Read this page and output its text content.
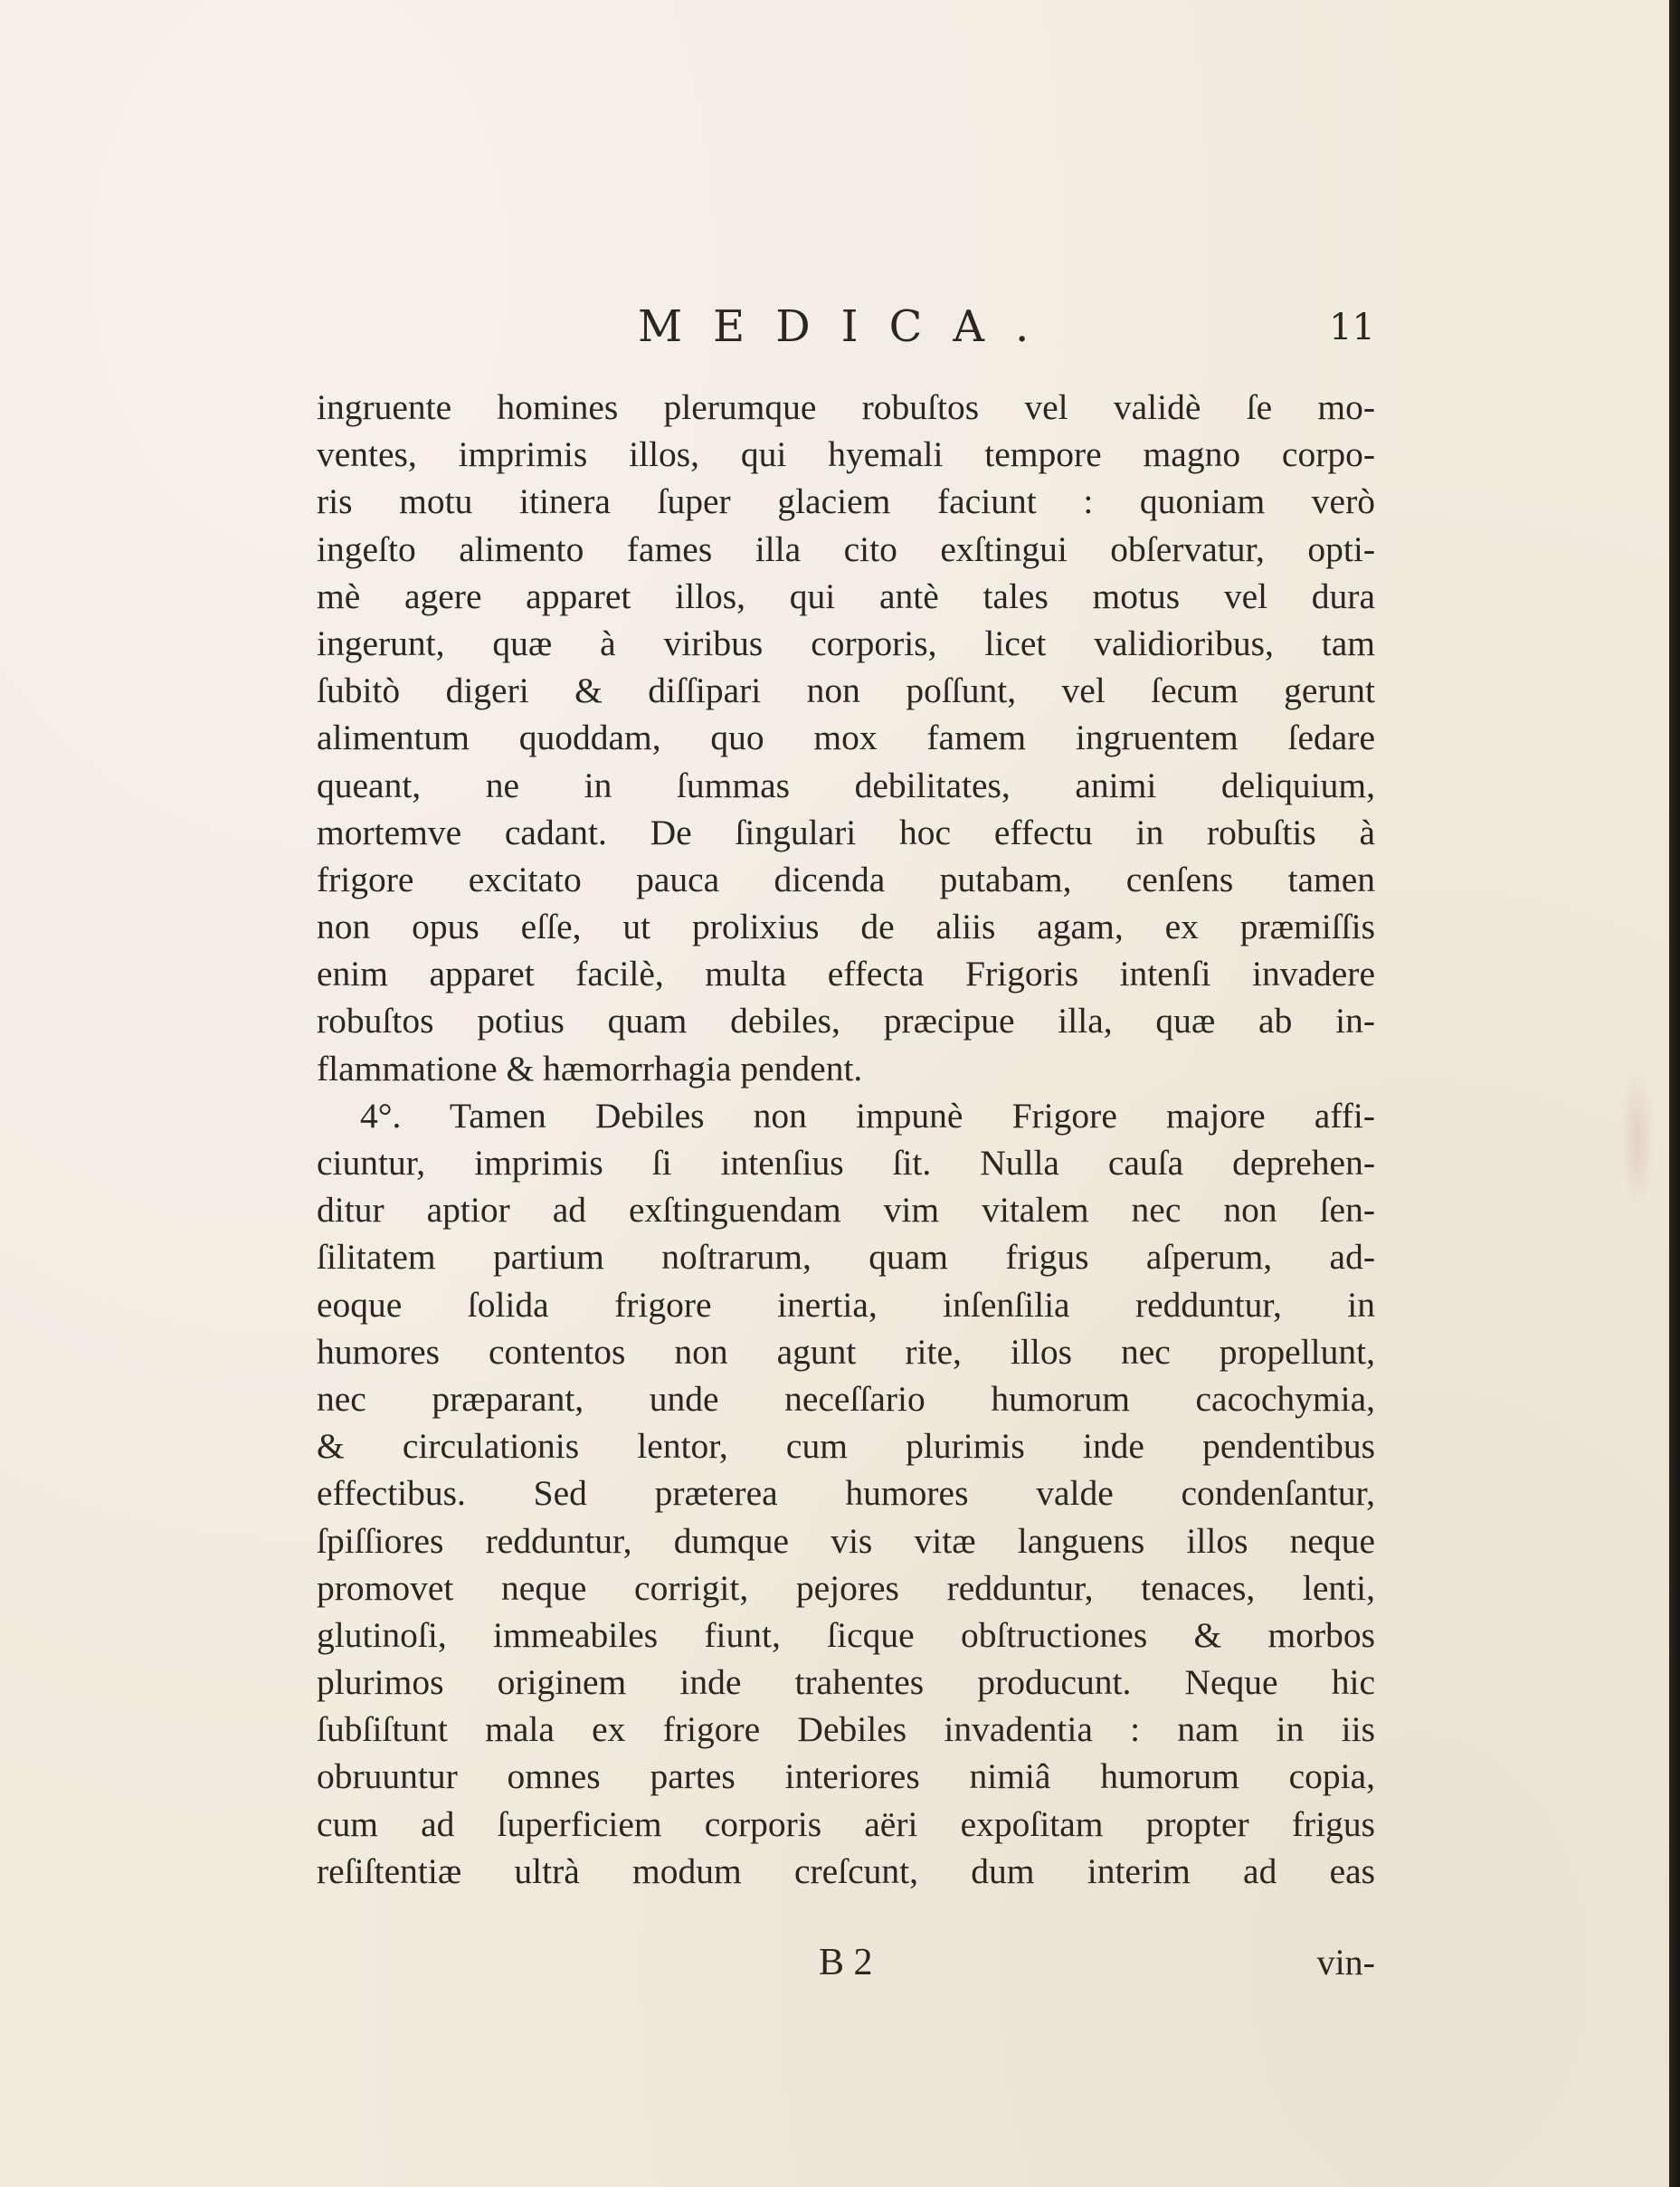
MEDICA.	11
ingruente homines plerumque robuſtos vel validè ſe mo-
ventes, imprimis illos, qui hyemali tempore magno corpo-
ris motu itinera ſuper glaciem faciunt : quoniam verò
ingeſto alimento fames illa cito exſtingui obſervatur, opti-
mè agere apparet illos, qui antè tales motus vel dura
ingerunt, quæ à viribus corporis, licet validioribus, tam
ſubitò digeri & diſſipari non poſſunt, vel ſecum gerunt
alimentum quoddam, quo mox famem ingruentem ſedare
queant, ne in ſummas debilitates, animi deliquium,
mortemve cadant. De ſingulari hoc effectu in robuſtis à
frigore excitato pauca dicenda putabam, cenſens tamen
non opus eſſe, ut prolixius de aliis agam, ex præmiſſis
enim apparet facilè, multa effecta Frigoris intenſi invadere
robuſtos potius quam debiles, præcipue illa, quæ ab in-
flammatione & hæmorrhagia pendent.
4°. Tamen Debiles non impunè Frigore majore affi-
ciuntur, imprimis ſi intenſius ſit. Nulla cauſa deprehen-
ditur aptior ad exſtinguendam vim vitalem nec non ſen-
ſilitatem partium noſtrarum, quam frigus aſperum, ad-
eoque ſolida frigore inertia, inſenſilia redduntur, in
humores contentos non agunt rite, illos nec propellunt,
nec præparant, unde neceſſario humorum cacochymia,
& circulationis lentor, cum plurimis inde pendentibus
effectibus. Sed præterea humores valde condenſantur,
ſpiſſiores redduntur, dumque vis vitæ languens illos neque
promovet neque corrigit, pejores redduntur, tenaces, lenti,
glutinoſi, immeabiles fiunt, ſicque obſtructiones & morbos
plurimos originem inde trahentes producunt. Neque hic
ſubſiſtunt mala ex frigore Debiles invadentia : nam in iis
obruuntur omnes partes interiores nimiâ humorum copia,
cum ad ſuperficiem corporis aëri expoſitam propter frigus
reſiſtentiæ ultrà modum creſcunt, dum interim ad eas
B 2	vin-
